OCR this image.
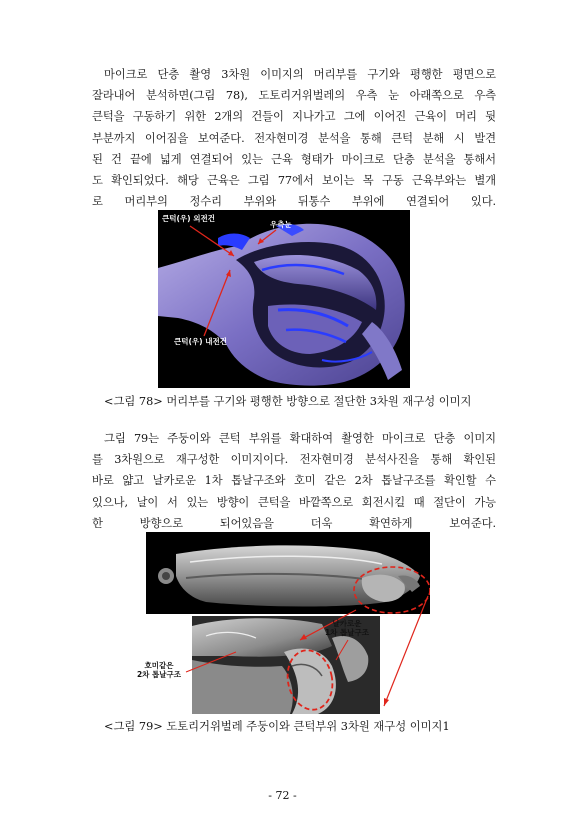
마이크로 단층 촬영 3차원 이미지의 머리부를 구기와 평행한 평면으로
잘라내어 분석하면(그림 78), 도토리거위벌레의 우측 눈 아래쪽으로 우측
큰턱을 구동하기 위한 2개의 건들이 지나가고 그에 이어진 근육이 머리 뒷
부분까지 이어짐을 보여준다. 전자현미경 분석을 통해 큰턱 분해 시 발견
된 건 끝에 넓게 연결되어 있는 근육 형태가 마이크로 단층 분석을 통해서
도 확인되었다. 해당 근육은 그림 77에서 보이는 목 구동 근육부와는 별개
로 머리부의 정수리 부위와 뒤통수 부위에 연결되어 있다.
큰턱(우) 외전건
우측눈
큰턱(우) 내전건

<그림 78> 머리부를 구기와 평행한 방향으로 절단한 3차원 재구성 이미지

그림 79는 주둥이와 큰턱 부위를 확대하여 촬영한 마이크로 단층 이미지
를 3차원으로 재구성한 이미지이다. 전자현미경 분석사진을 통해 확인된
바로 얇고 날카로운 1차 톱날구조와 호미 같은 2차 톱날구조를 확인할 수
있으나, 날이 서 있는 방향이 큰턱을 바깥쪽으로 회전시킬 때 절단이 가능
한 방향으로 되어있음을 더욱 확연하게 보여준다.
날카로운
1차 톱날구조
호미같은
2차 톱날구조

<그림 79> 도토리거위벌레 주둥이와 큰턱부위 3차원 재구성 이미지1

- 72 -
